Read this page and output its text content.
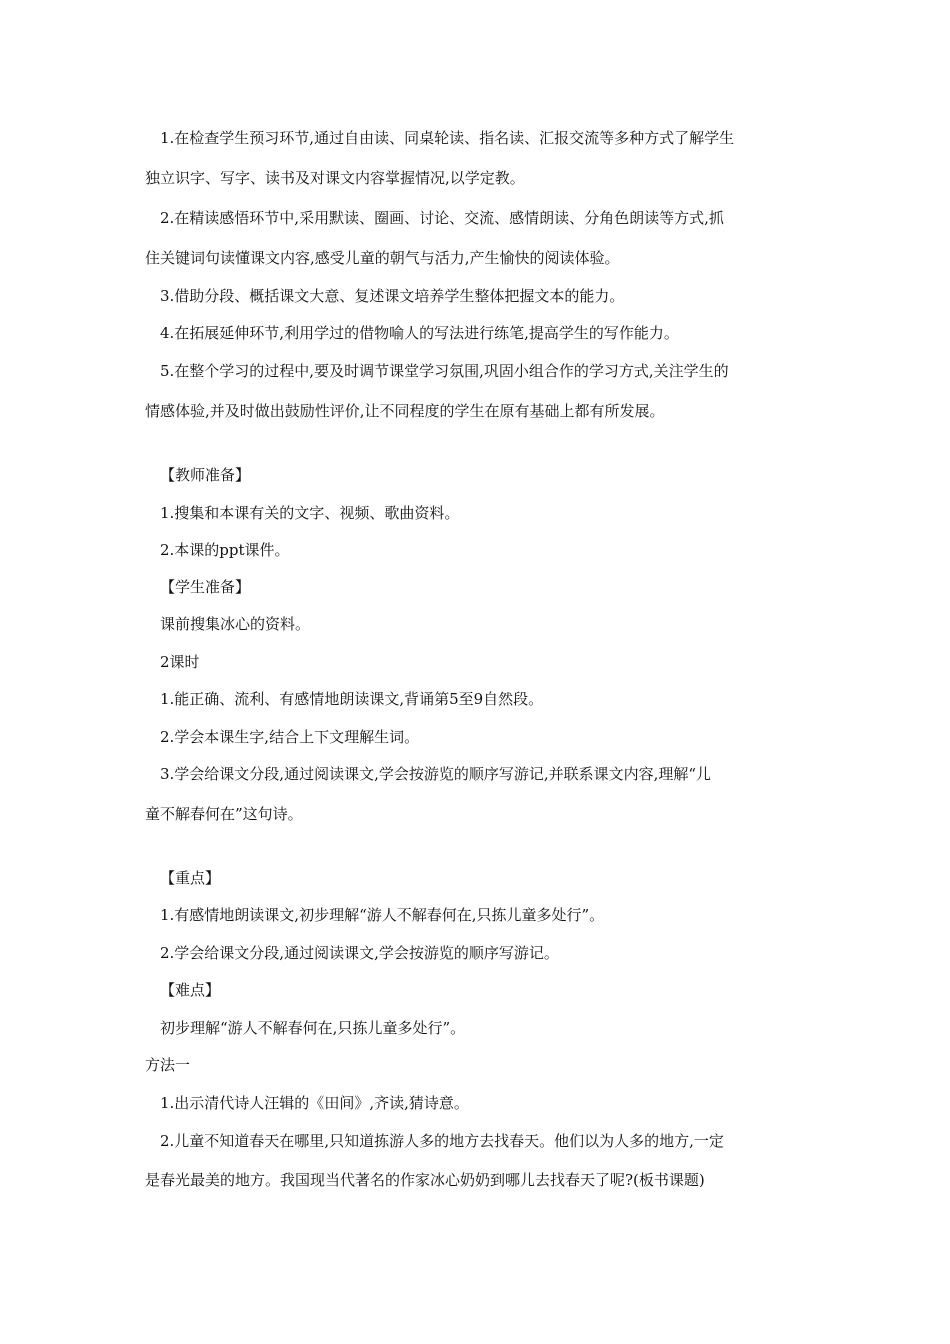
1.在检查学生预习环节,通过自由读、同桌轮读、指名读、汇报交流等多种方式了解学生
独立识字、写字、读书及对课文内容掌握情况,以学定教。
2.在精读感悟环节中,采用默读、圈画、讨论、交流、感情朗读、分角色朗读等方式,抓
住关键词句读懂课文内容,感受儿童的朝气与活力,产生愉快的阅读体验。
3.借助分段、概括课文大意、复述课文培养学生整体把握文本的能力。
4.在拓展延伸环节,利用学过的借物喻人的写法进行练笔,提高学生的写作能力。
5.在整个学习的过程中,要及时调节课堂学习氛围,巩固小组合作的学习方式,关注学生的
情感体验,并及时做出鼓励性评价,让不同程度的学生在原有基础上都有所发展。
【教师准备】
1.搜集和本课有关的文字、视频、歌曲资料。
2.本课的ppt课件。
【学生准备】
课前搜集冰心的资料。
2课时
1.能正确、流利、有感情地朗读课文,背诵第5至9自然段。
2.学会本课生字,结合上下文理解生词。
3.学会给课文分段,通过阅读课文,学会按游览的顺序写游记,并联系课文内容,理解“儿
童不解春何在”这句诗。
【重点】
1.有感情地朗读课文,初步理解“游人不解春何在,只拣儿童多处行”。
2.学会给课文分段,通过阅读课文,学会按游览的顺序写游记。
【难点】
初步理解“游人不解春何在,只拣儿童多处行”。
方法一
1.出示清代诗人汪辑的《田间》,齐读,猜诗意。
2.儿童不知道春天在哪里,只知道拣游人多的地方去找春天。他们以为人多的地方,一定
是春光最美的地方。我国现当代著名的作家冰心奶奶到哪儿去找春天了呢?(板书课题)
